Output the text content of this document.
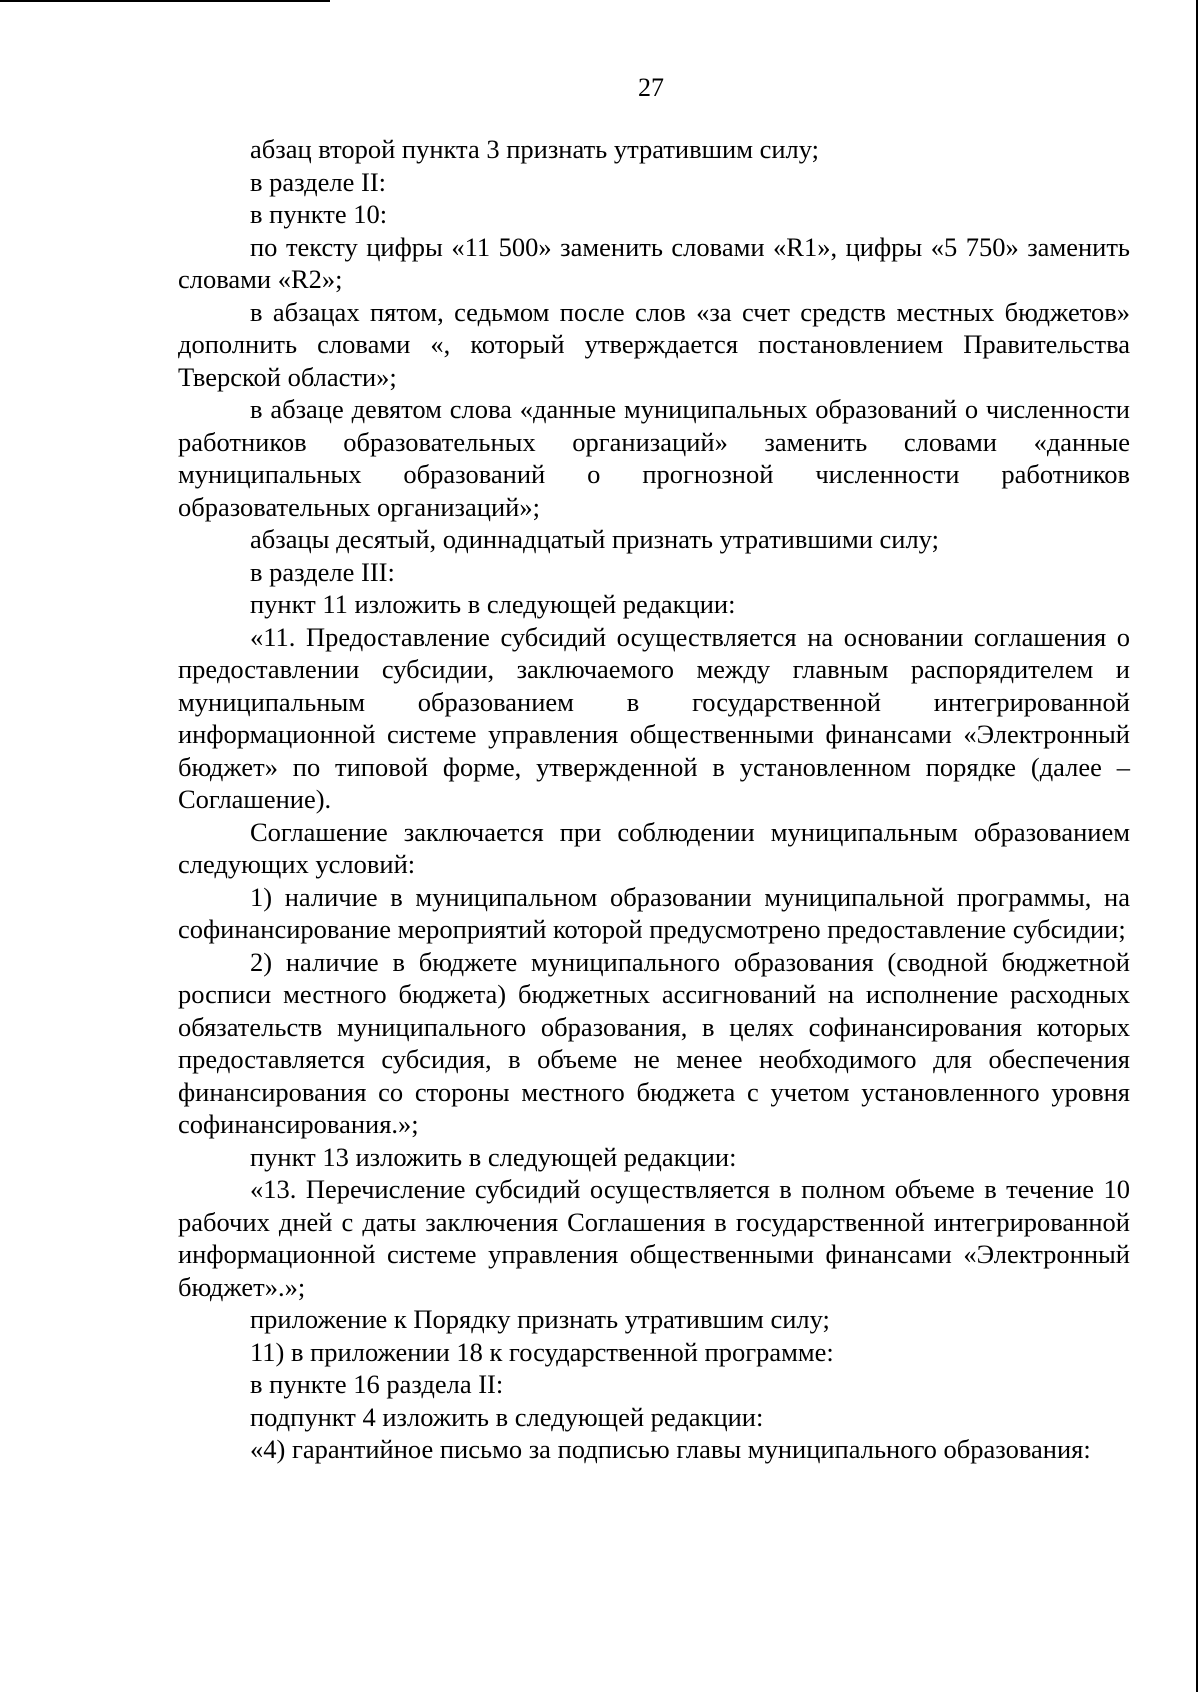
27

абзац второй пункта 3 признать утратившим силу;

в разделе II:

в пункте 10:

по тексту цифры «11 500» заменить словами «R1», цифры «5 750» заменить словами «R2»;

в абзацах пятом, седьмом после слов «за счет средств местных бюджетов» дополнить словами «, который утверждается постановлением Правительства Тверской области»;

в абзаце девятом слова «данные муниципальных образований о численности работников образовательных организаций» заменить словами «данные муниципальных образований о прогнозной численности работников образовательных организаций»;

абзацы десятый, одиннадцатый признать утратившими силу;

в разделе III:

пункт 11 изложить в следующей редакции:

«11. Предоставление субсидий осуществляется на основании соглашения о предоставлении субсидии, заключаемого между главным распорядителем и муниципальным образованием в государственной интегрированной информационной системе управления общественными финансами «Электронный бюджет» по типовой форме, утвержденной в установленном порядке (далее – Соглашение).

Соглашение заключается при соблюдении муниципальным образованием следующих условий:

1) наличие в муниципальном образовании муниципальной программы, на софинансирование мероприятий которой предусмотрено предоставление субсидии;

2) наличие в бюджете муниципального образования (сводной бюджетной росписи местного бюджета) бюджетных ассигнований на исполнение расходных обязательств муниципального образования, в целях софинансирования которых предоставляется субсидия, в объеме не менее необходимого для обеспечения финансирования со стороны местного бюджета с учетом установленного уровня софинансирования.»;

пункт 13 изложить в следующей редакции:

«13. Перечисление субсидий осуществляется в полном объеме в течение 10 рабочих дней с даты заключения Соглашения в государственной интегрированной информационной системе управления общественными финансами «Электронный бюджет».»;

приложение к Порядку признать утратившим силу;

11) в приложении 18 к государственной программе:

в пункте 16 раздела II:

подпункт 4 изложить в следующей редакции:

«4) гарантийное письмо за подписью главы муниципального образования:
